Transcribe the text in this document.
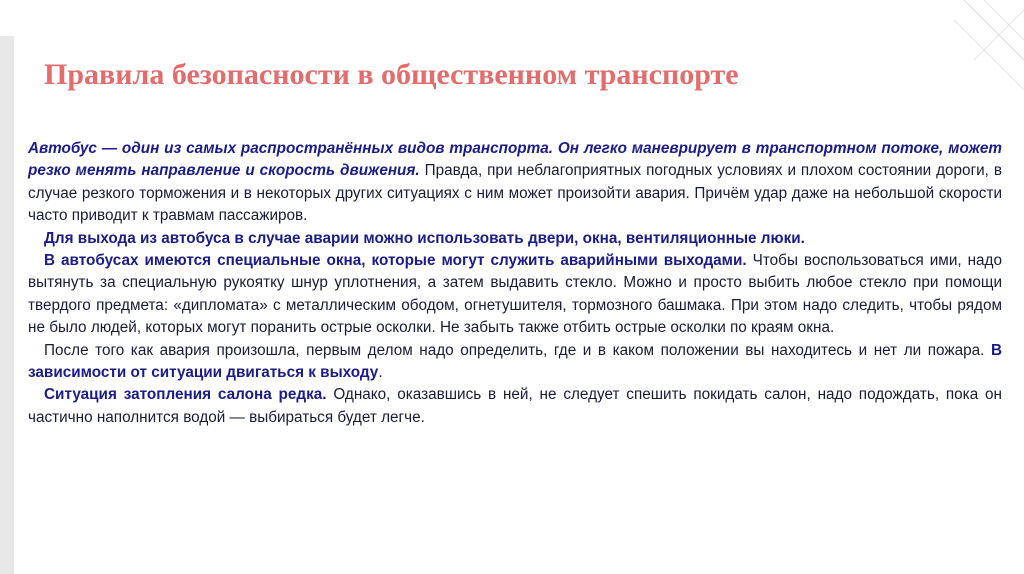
Правила безопасности в общественном транспорте

Автобус — один из самых распространённых видов транспорта. Он легко маневрирует в транспортном потоке, может резко менять направление и скорость движения. Правда, при неблагоприятных погодных условиях и плохом состоянии дороги, в случае резкого торможения и в некоторых других ситуациях с ним может произойти авария. Причём удар даже на небольшой скорости часто приводит к травмам пассажиров.

Для выхода из автобуса в случае аварии можно использовать двери, окна, вентиляционные люки.

В автобусах имеются специальные окна, которые могут служить аварийными выходами. Чтобы воспользоваться ими, надо вытянуть за специальную рукоятку шнур уплотнения, а затем выдавить стекло. Можно и просто выбить любое стекло при помощи твердого предмета: «дипломата» с металлическим ободом, огнетушителя, тормозного башмака. При этом надо следить, чтобы рядом не было людей, которых могут поранить острые осколки. Не забыть также отбить острые осколки по краям окна.

После того как авария произошла, первым делом надо определить, где и в каком положении вы находитесь и нет ли пожара. В зависимости от ситуации двигаться к выходу.

Ситуация затопления салона редка. Однако, оказавшись в ней, не следует спешить покидать салон, надо подождать, пока он частично наполнится водой — выбираться будет легче.
